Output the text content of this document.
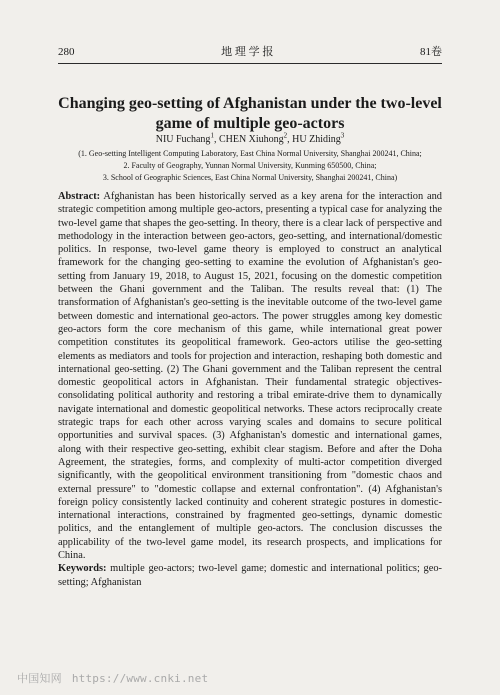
280	地 理 学 报	81卷
Changing geo-setting of Afghanistan under the two-level game of multiple geo-actors
NIU Fuchang$^1$, CHEN Xiuhong$^2$, HU Zhiding$^3$
(1. Geo-setting Intelligent Computing Laboratory, East China Normal University, Shanghai 200241, China;
2. Faculty of Geography, Yunnan Normal University, Kunming 650500, China;
3. School of Geographic Sciences, East China Normal University, Shanghai 200241, China)
Abstract: Afghanistan has been historically served as a key arena for the interaction and strategic competition among multiple geo-actors, presenting a typical case for analyzing the two-level game that shapes the geo-setting. In theory, there is a clear lack of perspective and methodology in the interaction between geo-actors, geo-setting, and international/domestic politics. In response, two-level game theory is employed to construct an analytical framework for the changing geo-setting to examine the evolution of Afghanistan's geo-setting from January 19, 2018, to August 15, 2021, focusing on the domestic competition between the Ghani government and the Taliban. The results reveal that: (1) The transformation of Afghanistan's geo-setting is the inevitable outcome of the two-level game between domestic and international geo-actors. The power struggles among key domestic geo-actors form the core mechanism of this game, while international great power competition constitutes its geopolitical framework. Geo-actors utilise the geo-setting elements as mediators and tools for projection and interaction, reshaping both domestic and international geo-setting. (2) The Ghani government and the Taliban represent the central domestic geopolitical actors in Afghanistan. Their fundamental strategic objectives-consolidating political authority and restoring a tribal emirate-drive them to dynamically navigate international and domestic geopolitical networks. These actors reciprocally create strategic traps for each other across varying scales and domains to secure political opportunities and survival spaces. (3) Afghanistan's domestic and international games, along with their respective geo-setting, exhibit clear stagism. Before and after the Doha Agreement, the strategies, forms, and complexity of multi-actor competition diverged significantly, with the geopolitical environment transitioning from "domestic chaos and external pressure" to "domestic collapse and external confrontation". (4) Afghanistan's foreign policy consistently lacked continuity and coherent strategic postures in domestic-international interactions, constrained by fragmented geo-settings, dynamic domestic politics, and the entanglement of multiple geo-actors. The conclusion discusses the applicability of the two-level game model, its research prospects, and implications for China.
Keywords: multiple geo-actors; two-level game; domestic and international politics; geo-setting; Afghanistan
中国知网 https://www.cnki.net
